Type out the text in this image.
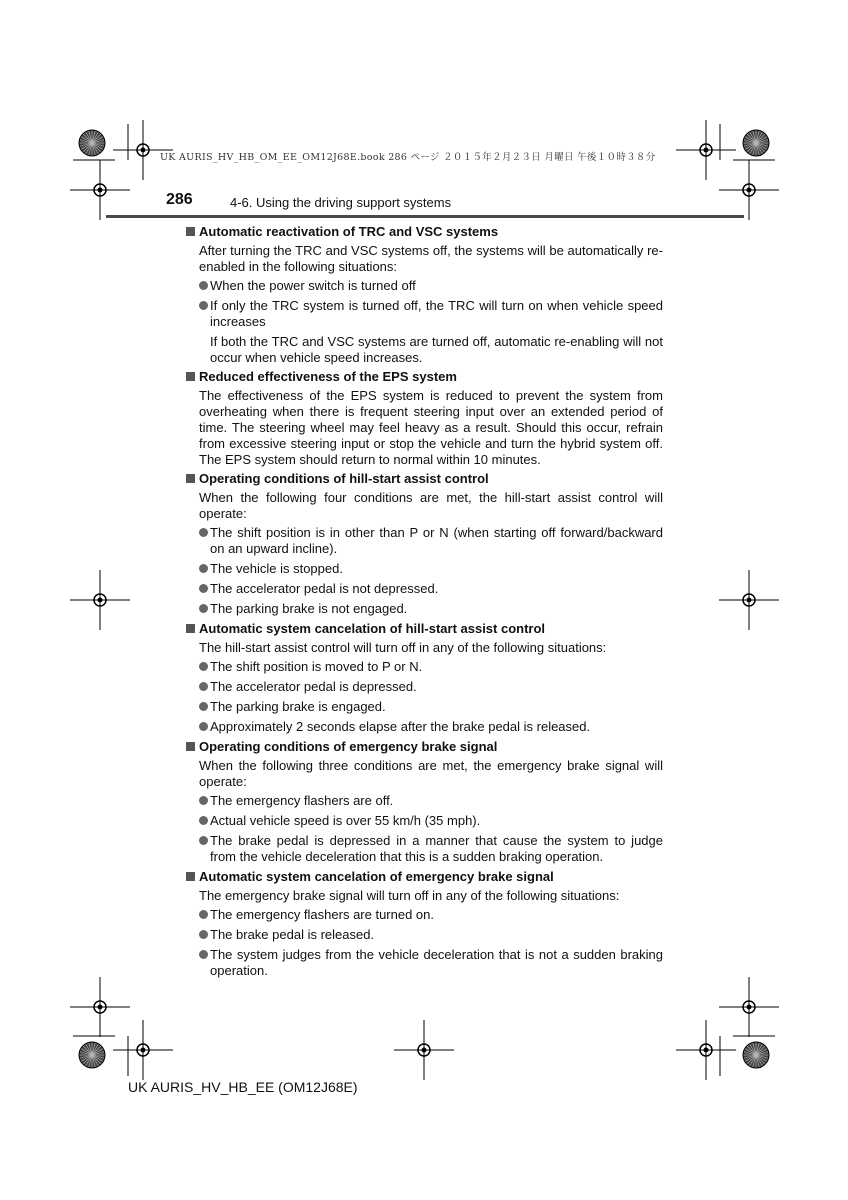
UK AURIS_HV_HB_OM_EE_OM12J68E.book 286 ページ ２０１５年２月２３日 月曜日 午後１０時３８分
286	4-6. Using the driving support systems
Automatic reactivation of TRC and VSC systems
After turning the TRC and VSC systems off, the systems will be automatically re-enabled in the following situations:
When the power switch is turned off
If only the TRC system is turned off, the TRC will turn on when vehicle speed increases
If both the TRC and VSC systems are turned off, automatic re-enabling will not occur when vehicle speed increases.
Reduced effectiveness of the EPS system
The effectiveness of the EPS system is reduced to prevent the system from overheating when there is frequent steering input over an extended period of time. The steering wheel may feel heavy as a result. Should this occur, refrain from excessive steering input or stop the vehicle and turn the hybrid system off. The EPS system should return to normal within 10 minutes.
Operating conditions of hill-start assist control
When the following four conditions are met, the hill-start assist control will operate:
The shift position is in other than P or N (when starting off forward/backward on an upward incline).
The vehicle is stopped.
The accelerator pedal is not depressed.
The parking brake is not engaged.
Automatic system cancelation of hill-start assist control
The hill-start assist control will turn off in any of the following situations:
The shift position is moved to P or N.
The accelerator pedal is depressed.
The parking brake is engaged.
Approximately 2 seconds elapse after the brake pedal is released.
Operating conditions of emergency brake signal
When the following three conditions are met, the emergency brake signal will operate:
The emergency flashers are off.
Actual vehicle speed is over 55 km/h (35 mph).
The brake pedal is depressed in a manner that cause the system to judge from the vehicle deceleration that this is a sudden braking operation.
Automatic system cancelation of emergency brake signal
The emergency brake signal will turn off in any of the following situations:
The emergency flashers are turned on.
The brake pedal is released.
The system judges from the vehicle deceleration that is not a sudden braking operation.
UK AURIS_HV_HB_EE (OM12J68E)
